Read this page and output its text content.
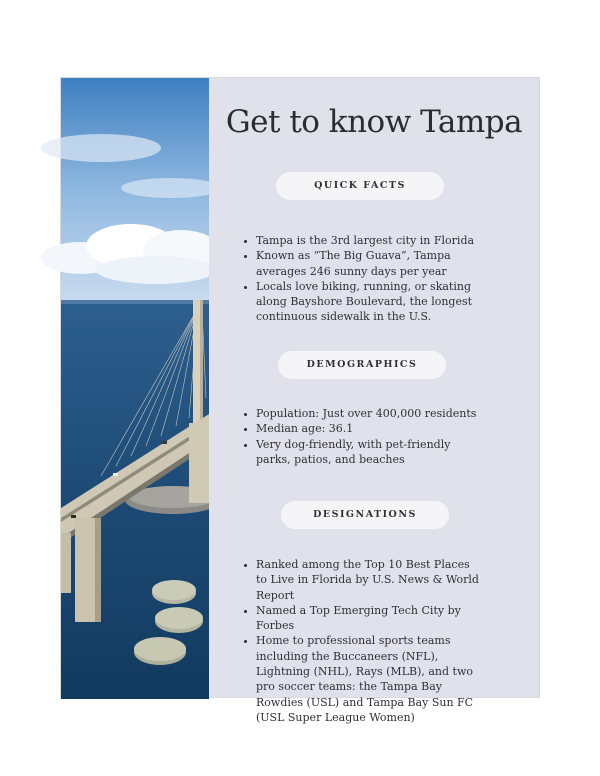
Get to know Tampa
QUICK FACTS
• Tampa is the 3rd largest city in Florida
• Known as “The Big Guava”, Tampa averages 246 sunny days per year
• Locals love biking, running, or skating along Bayshore Boulevard, the longest continuous sidewalk in the U.S.
DEMOGRAPHICS
• Population: Just over 400,000 residents
• Median age: 36.1
• Very dog-friendly, with pet-friendly parks, patios, and beaches
DESIGNATIONS
• Ranked among the Top 10 Best Places to Live in Florida by U.S. News & World Report
• Named a Top Emerging Tech City by Forbes
• Home to professional sports teams including the Buccaneers (NFL), Lightning (NHL), Rays (MLB), and two pro soccer teams: the Tampa Bay Rowdies (USL) and Tampa Bay Sun FC (USL Super League Women)
